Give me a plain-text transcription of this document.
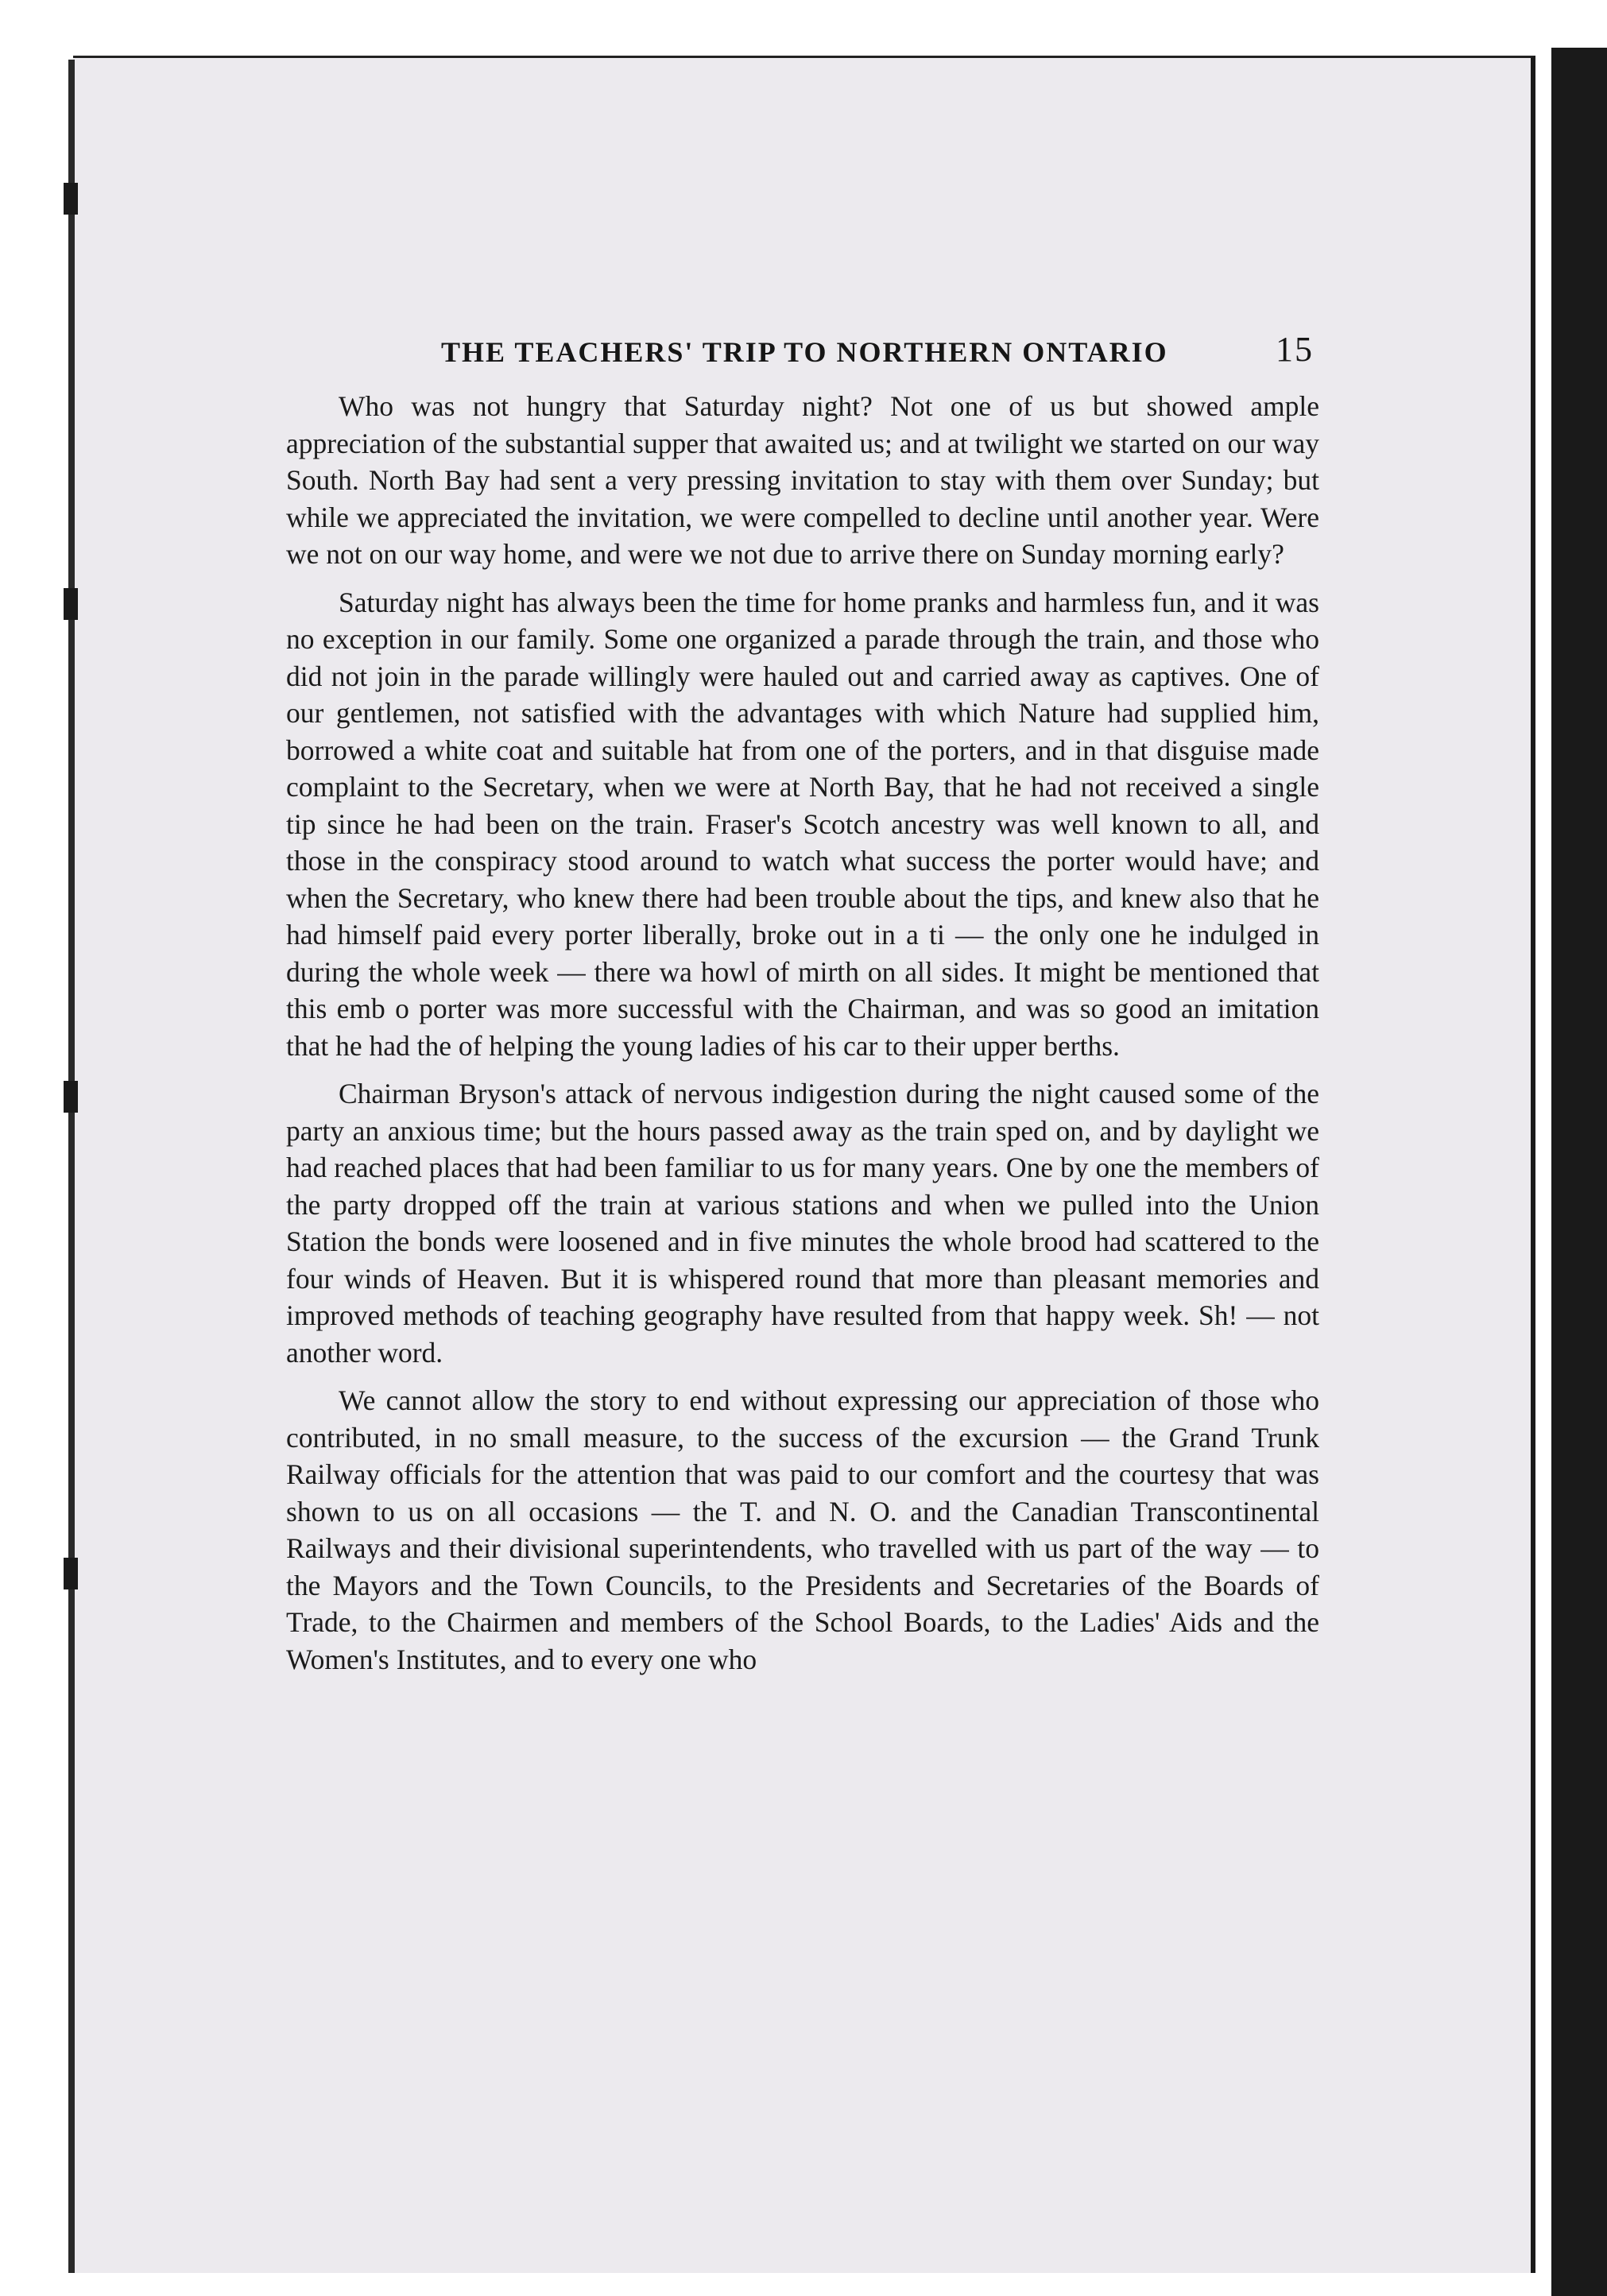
THE TEACHERS' TRIP TO NORTHERN ONTARIO	15

Who was not hungry that Saturday night? Not one of us but showed ample appreciation of the substantial supper that awaited us; and at twilight we started on our way South. North Bay had sent a very pressing invitation to stay with them over Sunday; but while we appreciated the invitation, we were compelled to decline until another year. Were we not on our way home, and were we not due to arrive there on Sunday morning early?

Saturday night has always been the time for home pranks and harmless fun, and it was no exception in our family. Some one organized a parade through the train, and those who did not join in the parade willingly were hauled out and carried away as captives. One of our gentlemen, not satisfied with the advantages with which Nature had supplied him, borrowed a white coat and suitable hat from one of the porters, and in that disguise made complaint to the Secretary, when we were at North Bay, that he had not received a single tip since he had been on the train. Fraser's Scotch ancestry was well known to all, and those in the conspiracy stood around to watch what success the porter would have; and when the Secretary, who knew there had been trouble about the tips, and knew also that he had himself paid every porter liberally, broke out in a ti — the only one he indulged in during the whole week — there wa howl of mirth on all sides. It might be mentioned that this emb o porter was more successful with the Chairman, and was so good an imitation that he had the of helping the young ladies of his car to their upper berths.

Chairman Bryson's attack of nervous indigestion during the night caused some of the party an anxious time; but the hours passed away as the train sped on, and by daylight we had reached places that had been familiar to us for many years. One by one the members of the party dropped off the train at various stations and when we pulled into the Union Station the bonds were loosened and in five minutes the whole brood had scattered to the four winds of Heaven. But it is whispered round that more than pleasant memories and improved methods of teaching geography have resulted from that happy week. Sh! — not another word.

We cannot allow the story to end without expressing our appreciation of those who contributed, in no small measure, to the success of the excursion — the Grand Trunk Railway officials for the attention that was paid to our comfort and the courtesy that was shown to us on all occasions — the T. and N. O. and the Canadian Transcontinental Railways and their divisional superintendents, who travelled with us part of the way — to the Mayors and the Town Councils, to the Presidents and Secretaries of the Boards of Trade, to the Chairmen and members of the School Boards, to the Ladies' Aids and the Women's Institutes, and to every one who
